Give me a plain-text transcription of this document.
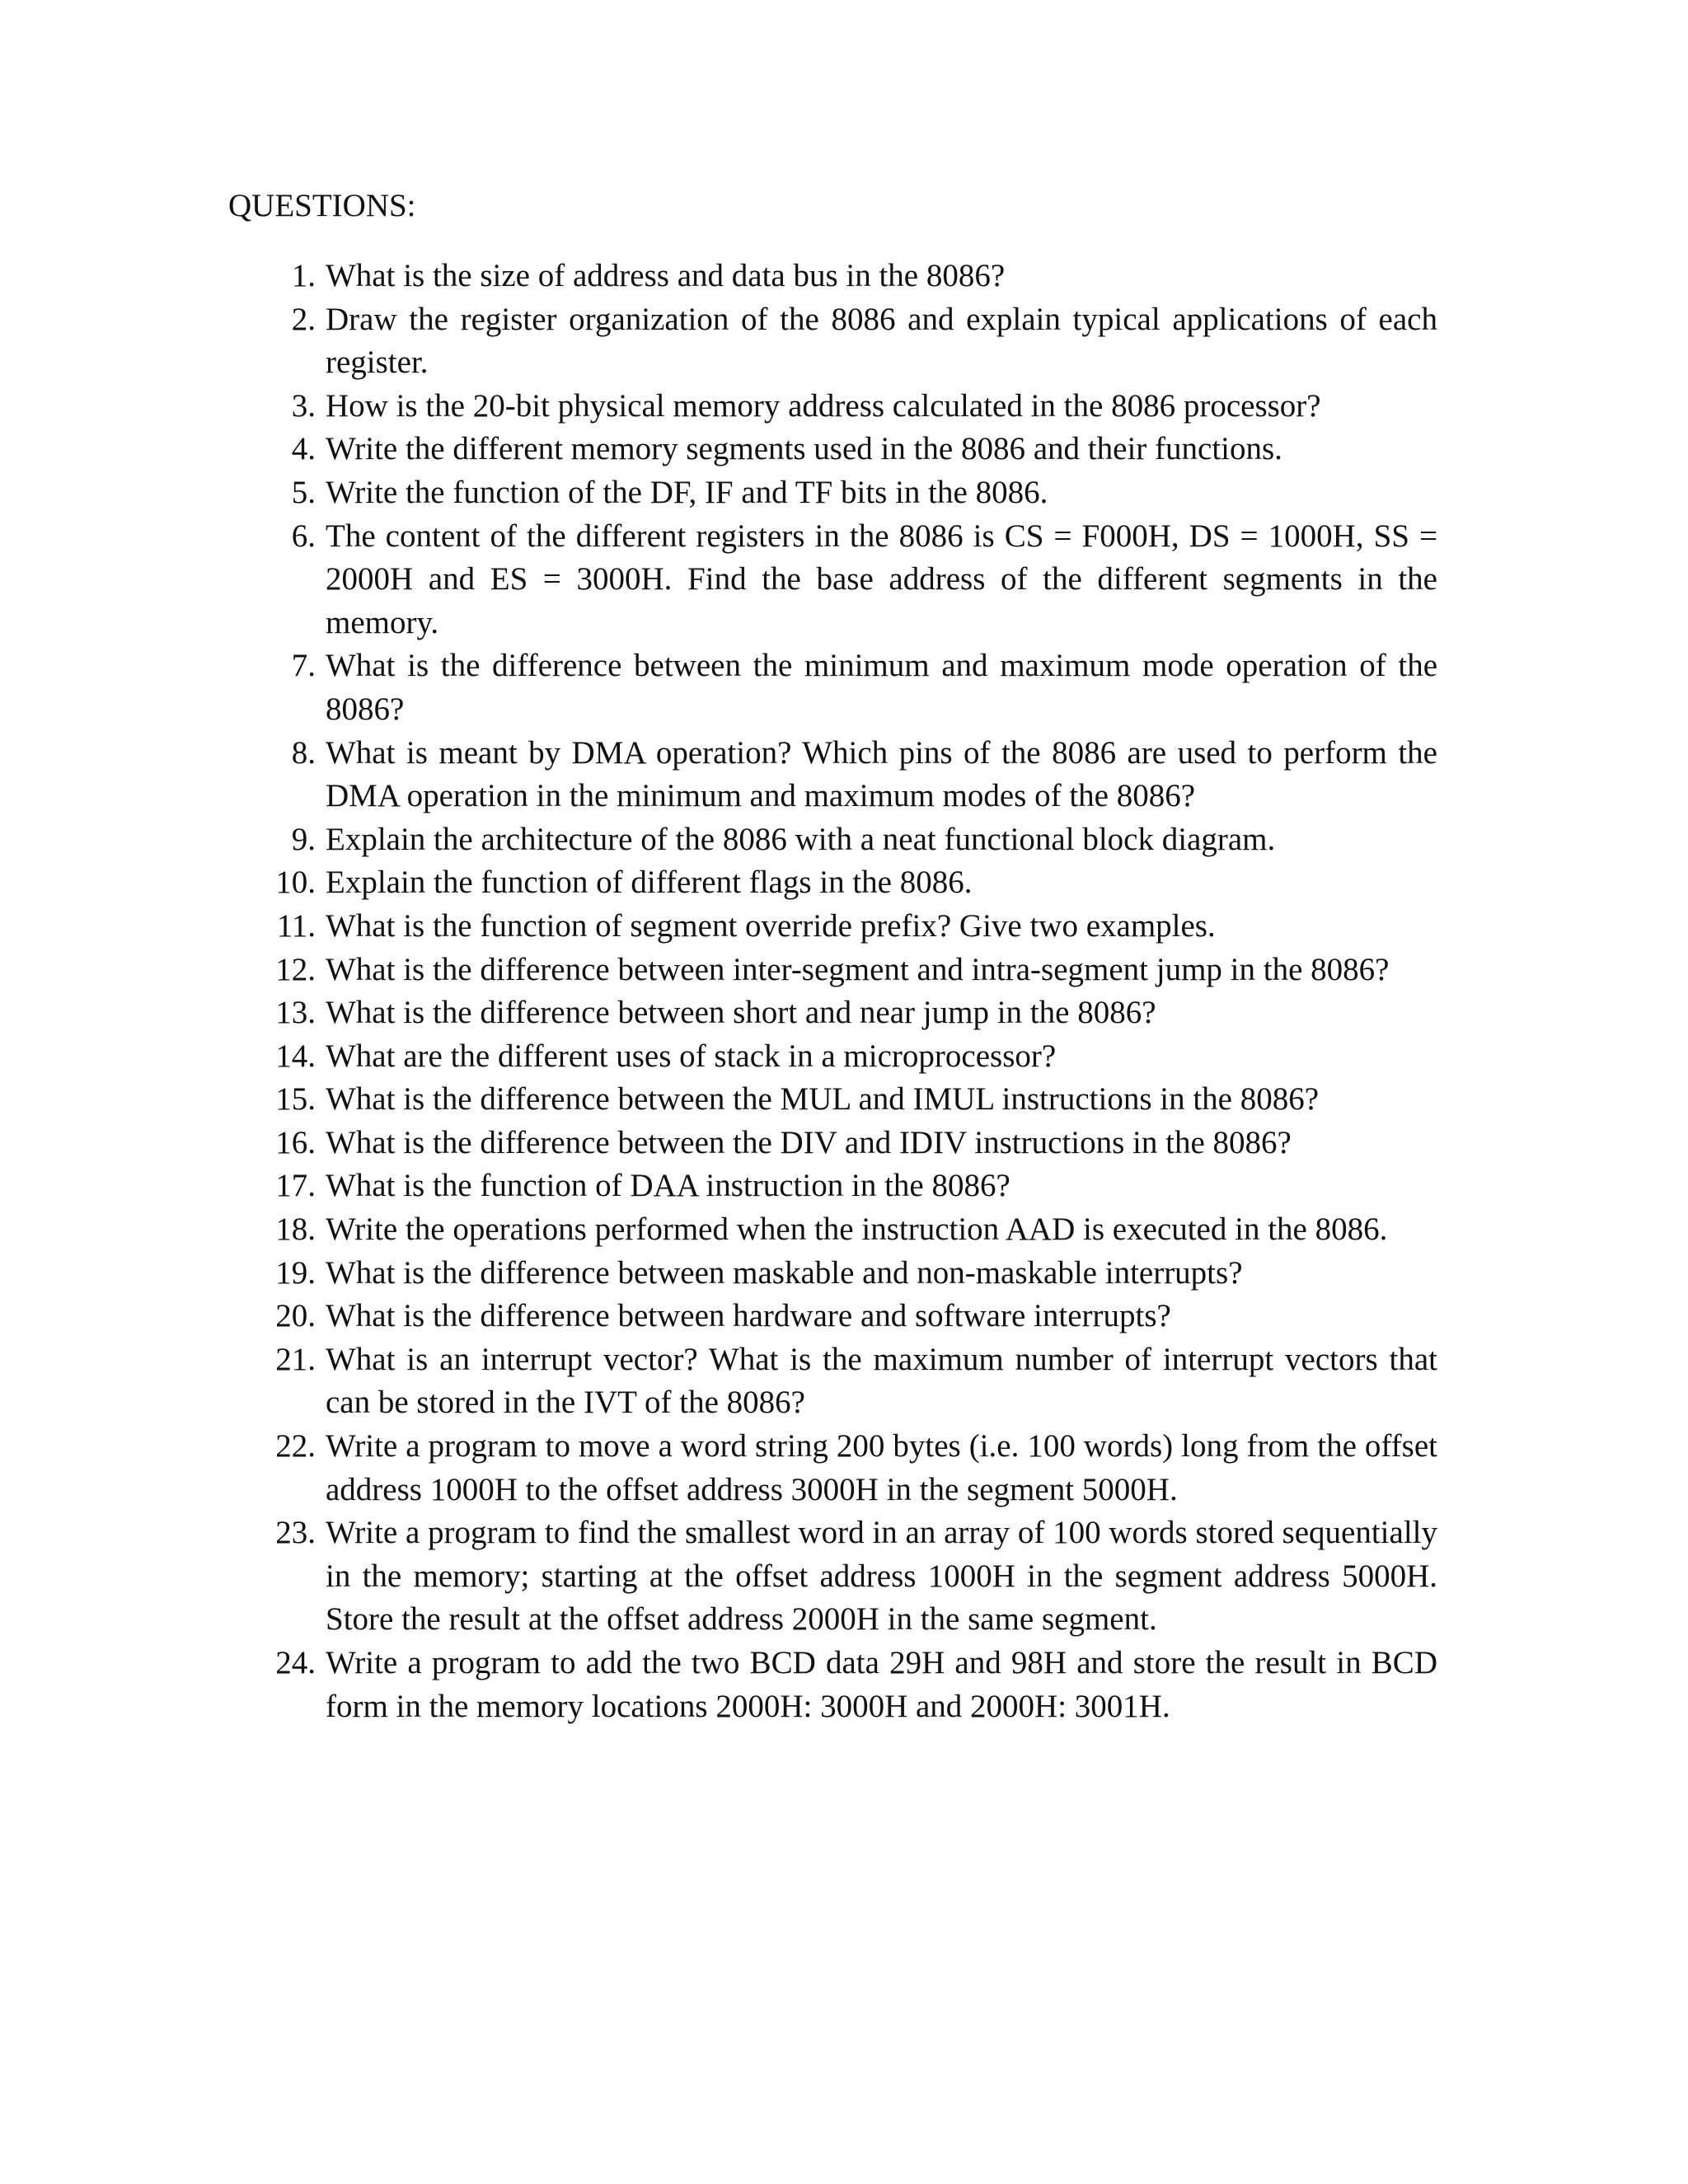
QUESTIONS:
1 . What is the size of address and data bus in the 8086?
2 . Draw the register organization of the 8086 and explain typical applications of each register.
3 . How is the 20-bit physical memory address calculated in the 8086 processor?
4 . Write the different memory segments used in the 8086 and their functions.
5 . Write the function of the DF, IF and TF bits in the 8086.
6 . The content of the different registers in the 8086 is CS = F000H, DS = 1000H, SS = 2000H and ES = 3000H. Find the base address of the different segments in the memory.
7 . What is the difference between the minimum and maximum mode operation of the 8086?
8 . What is meant by DMA operation? Which pins of the 8086 are used to perform the DMA operation in the minimum and maximum modes of the 8086?
9 . Explain the architecture of the 8086 with a neat functional block diagram.
10 . Explain the function of different flags in the 8086.
11 . What is the function of segment override prefix? Give two examples.
12 . What is the difference between inter-segment and intra-segment jump in the 8086?
13 . What is the difference between short and near jump in the 8086?
14 . What are the different uses of stack in a microprocessor?
15 . What is the difference between the MUL and IMUL instructions in the 8086?
16 . What is the difference between the DIV and IDIV instructions in the 8086?
17 . What is the function of DAA instruction in the 8086?
18 . Write the operations performed when the instruction AAD is executed in the 8086.
19 . What is the difference between maskable and non-maskable interrupts?
20 . What is the difference between hardware and software interrupts?
21 . What is an interrupt vector? What is the maximum number of interrupt vectors that can be stored in the IVT of the 8086?
22 . Write a program to move a word string 200 bytes (i.e. 100 words) long from the offset address 1000H to the offset address 3000H in the segment 5000H.
23 . Write a program to find the smallest word in an array of 100 words stored sequentially in the memory; starting at the offset address 1000H in the segment address 5000H. Store the result at the offset address 2000H in the same segment.
24 . Write a program to add the two BCD data 29H and 98H and store the result in BCD form in the memory locations 2000H: 3000H and 2000H: 3001H.
